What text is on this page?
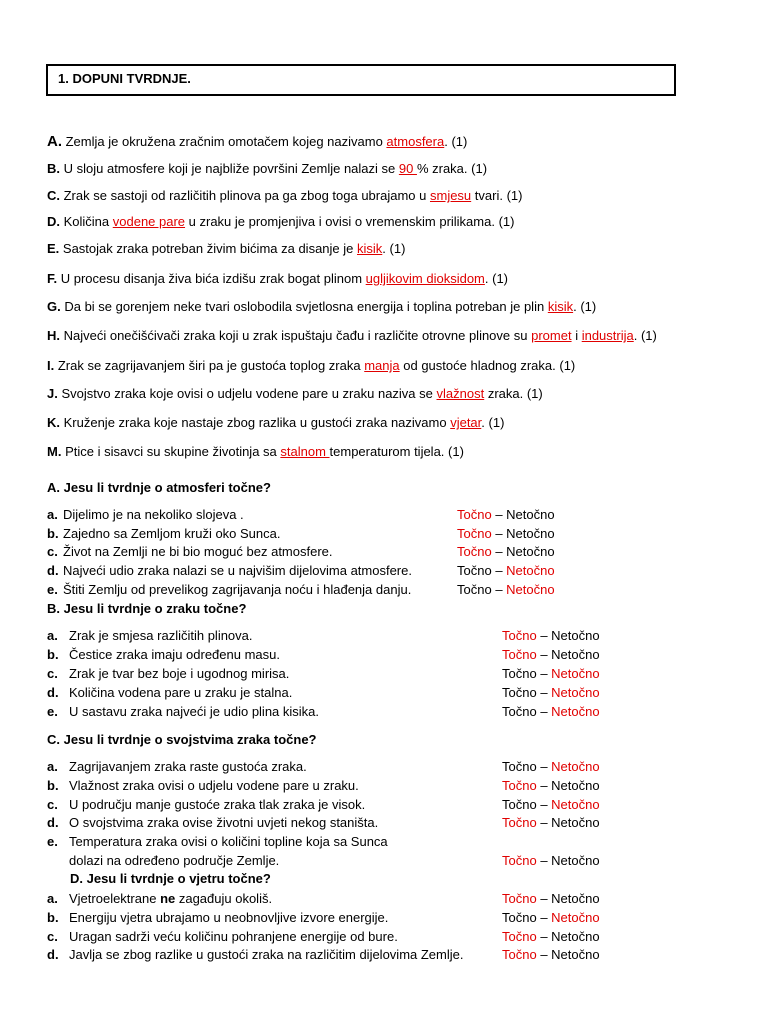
1. DOPUNI TVRDNJE.
A. Zemlja je okružena zračnim omotačem kojeg nazivamo atmosfera. (1)
B. U sloju atmosfere koji je najbliže površini Zemlje nalazi se 90 % zraka. (1)
C. Zrak se sastoji od različitih plinova pa ga zbog toga ubrajamo u smjesu tvari. (1)
D. Količina vodene pare u zraku je promjenjiva i ovisi o vremenskim prilikama. (1)
E. Sastojak zraka potreban živim bićima za disanje je kisik. (1)
F. U procesu disanja živa bića izdišu zrak bogat plinom ugljikovim dioksidom. (1)
G. Da bi se gorenjem neke tvari oslobodila svjetlosna energija i toplina potreban je plin kisik. (1)
H. Najveći onečišćivači zraka koji u zrak ispuštaju čađu i različite otrovne plinove su promet i industrija. (1)
I. Zrak se zagrijavanjem širi pa je gustoća toplog zraka manja od gustoće hladnog zraka. (1)
J. Svojstvo zraka koje ovisi o udjelu vodene pare u zraku naziva se vlažnost zraka. (1)
K. Kruženje zraka koje nastaje zbog razlika u gustoći zraka nazivamo vjetar. (1)
M. Ptice i sisavci su skupine životinja sa stalnom temperaturom tijela. (1)
A. Jesu li tvrdnje o atmosferi točne?
a. Dijelimo je na nekoliko slojeva .	Točno – Netočno
b. Zajedno sa Zemljom kruži oko Sunca.	Točno – Netočno
c. Život na Zemlji ne bi bio moguć bez atmosfere.	Točno – Netočno
d. Najveći udio zraka nalazi se u najvišim dijelovima atmosfere.	Točno – Netočno
e. Štiti Zemlju od prevelikog zagrijavanja noću i hlađenja danju.	Točno – Netočno
B. Jesu li tvrdnje o zraku točne?
a. Zrak je smjesa različitih plinova.	Točno – Netočno
b. Čestice zraka imaju određenu masu.	Točno – Netočno
c. Zrak je tvar bez boje i ugodnog mirisa.	Točno – Netočno
d. Količina vodena pare u zraku je stalna.	Točno – Netočno
e. U sastavu zraka najveći je udio plina kisika.	Točno – Netočno
C. Jesu li tvrdnje o svojstvima zraka točne?
a. Zagrijavanjem zraka raste gustoća zraka.	Točno – Netočno
b. Vlažnost zraka ovisi o udjelu vodene pare u zraku.	Točno – Netočno
c. U području manje gustoće zraka tlak zraka je visok.	Točno – Netočno
d. O svojstvima zraka ovise životni uvjeti nekog staništa.	Točno – Netočno
e. Temperatura zraka ovisi o količini topline koja sa Sunca
dolazi na određeno područje Zemlje.	Točno – Netočno
D. Jesu li tvrdnje o vjetru točne?
a. Vjetroelektrane ne zagađuju okoliš.	Točno – Netočno
b. Energiju vjetra ubrajamo u neobnovljive izvore energije.	Točno – Netočno
c. Uragan sadrži veću količinu pohranjene energije od bure.	Točno – Netočno
d. Javlja se zbog razlike u gustoći zraka na različitim dijelovima Zemlje.	Točno – Netočno
